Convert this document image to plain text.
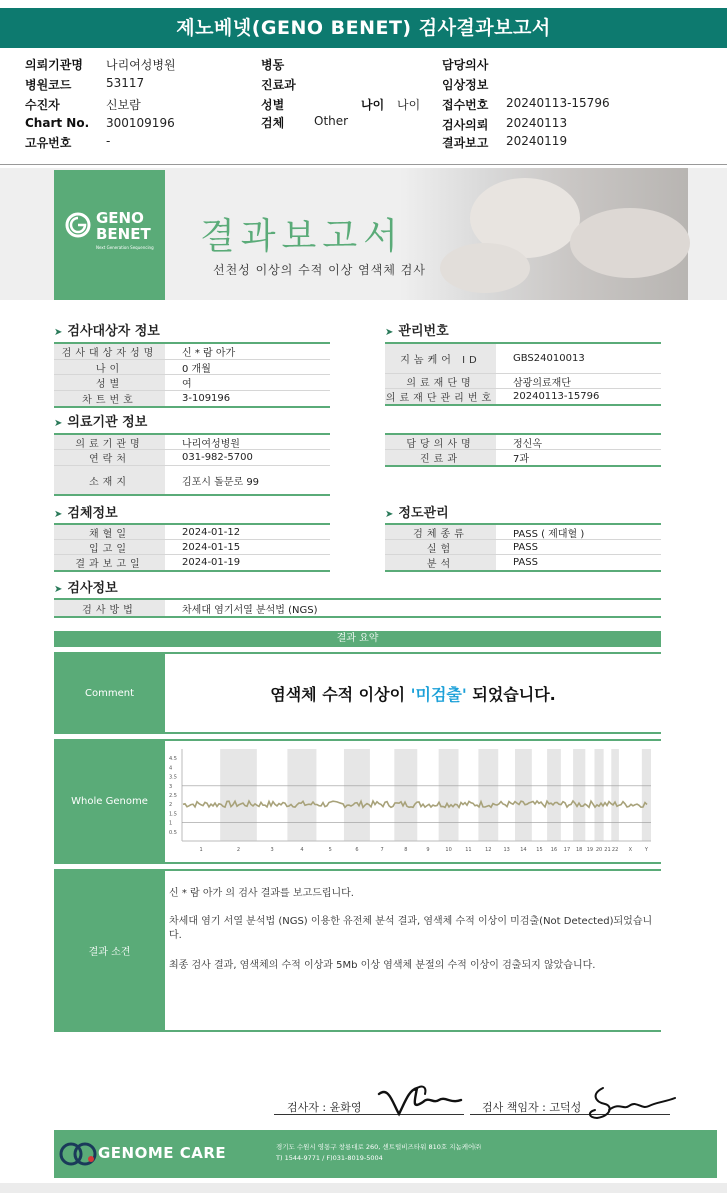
제노베넷(GENO BENET) 검사결과보고서
의뢰기관명 나리여성병원
병원코드	53117
수진자	신보람
Chart No. 300109196
고유번호	-
병동
진료과
성별	나이 나이
검체 Other
담당의사
임상정보
접수번호 20240113-15796
검사의뢰 20240113
결과보고 20240119
GENO
BENET
Next Generation Sequencing 결과보고서
선천성 이상의 수적 이상 염색체 검사
➤ 검사대상자 정보	➤ 관리번호
➤ 의료기관 정보
➤ 검체정보	➤ 정도관리
➤ 검사정보
검사대상자성명	신 * 람 아가
나이	0 개월
성별	여
차트번호	3-109196
지놈케어 ID	GBS24010013
의료재단명	삼광의료재단
의료재단관리번호 20240113-15796
의료기관명	나리여성병원
연락처	031-982-5700
소재지	김포시 돌문로 99
담당의사명	정신옥
진료과	7과
채혈일	2024-01-12
입고일	2024-01-15
결과보고일	2024-01-19
검체종류	PASS ( 제대혈 )
실험	PASS
분석	PASS
검사방법	차세대 염기서열 분석법 (NGS)
결과 요약
Comment	염색체 수적 이상이 '미검출' 되었습니다.
Whole Genome
4.5
4
3.5
3
2.5
2
1.5
1
0.5
1	2	3	4	5	6	7	8	9	10	11	12 13 14 15 16 17 18 19 20 21 22 X	Y
결과 소견
신 * 람 아가 의 검사 결과를 보고드립니다.
차세대 염기 서열 분석법 (NGS) 이용한 유전체 분석 결과, 염색체 수적 이상이 미검출(Not Detected)되었습니
다.
최종 검사 결과, 염색체의 수적 이상과 5Mb 이상 염색체 분절의 수적 이상이 검출되지 않았습니다.
검사자 : 윤화영	검사 책임자 : 고덕성
GENOME CARE	경기도 수원시 영통구 창룡대로 260, 센트럴비즈타워 810호 지놈케어㈜
T) 1544-9771 / F)031-8019-5004
